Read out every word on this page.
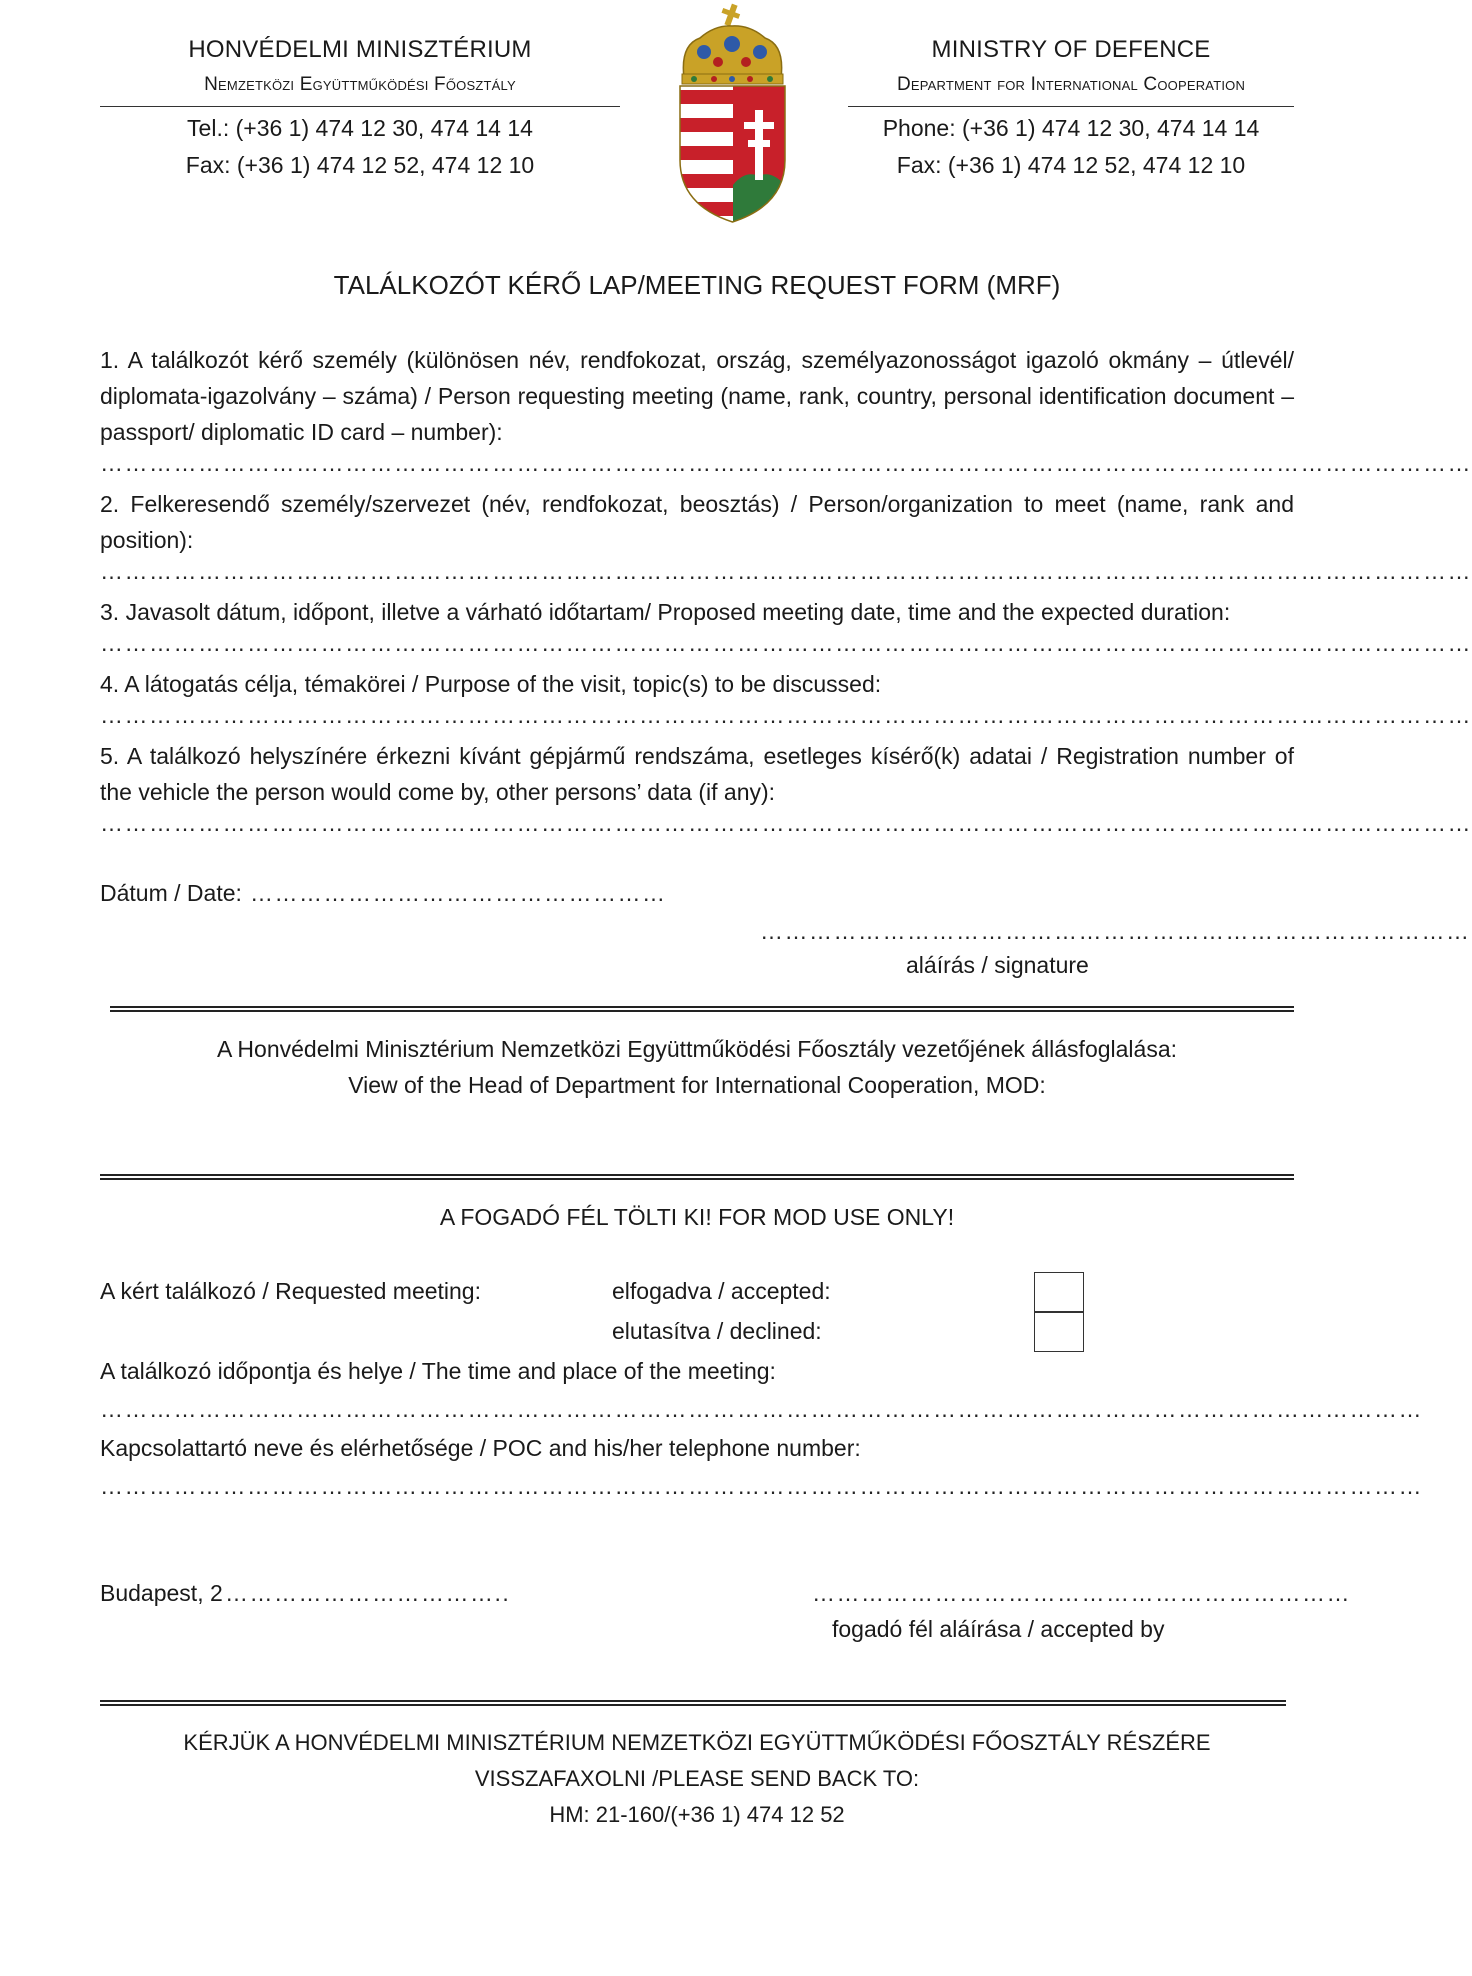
HONVÉDELMI MINISZTÉRIUM
Nemzetközi Együttműködési Főosztály
Tel.: (+36 1) 474 12 30, 474 14 14
Fax: (+36 1) 474 12 52, 474 12 10
MINISTRY OF DEFENCE
Department for International Cooperation
Phone: (+36 1) 474 12 30, 474 14 14
Fax: (+36 1) 474 12 52, 474 12 10
TALÁLKOZÓT KÉRŐ LAP/MEETING REQUEST FORM (MRF)
1. A találkozót kérő személy (különösen név, rendfokozat, ország, személyazonosságot igazoló okmány – útlevél/ diplomata-igazolvány – száma) / Person requesting meeting (name, rank, country, personal identification document – passport/ diplomatic ID card – number):
……………………………………………………………………………………………………………………………………………………
2. Felkeresendő személy/szervezet (név, rendfokozat, beosztás) / Person/organization to meet (name, rank and position):
……………………………………………………………………………………………………………………………………………………
3. Javasolt dátum, időpont, illetve a várható időtartam/ Proposed meeting date, time and the expected duration:
……………………………………………………………………………………………………………………………………………………
4. A látogatás célja, témakörei / Purpose of the visit, topic(s) to be discussed:
……………………………………………………………………………………………………………………………………………………
5. A találkozó helyszínére érkezni kívánt gépjármű rendszáma, esetleges kísérő(k) adatai / Registration number of the vehicle the person would come by, other persons’ data (if any):
……………………………………………………………………………………………………………………………………………………
Dátum / Date: ……………………………………………
……………………………………………………………………………
aláírás / signature
A Honvédelmi Minisztérium Nemzetközi Együttműködési Főosztály vezetőjének állásfoglalása:
View of the Head of Department for International Cooperation, MOD:
A FOGADÓ FÉL TÖLTI KI! FOR MOD USE ONLY!
A kért találkozó / Requested meeting:	elfogadva / accepted:
elutasítva / declined:
A találkozó időpontja és helye / The time and place of the meeting:
………………………………………………………………………………………………………………………………………………
Kapcsolattartó neve és elérhetősége / POC and his/her telephone number:
………………………………………………………………………………………………………………………………………………
Budapest, 2 ……………………………..	…………………………………………………………
fogadó fél aláírása / accepted by
KÉRJÜK A HONVÉDELMI MINISZTÉRIUM NEMZETKÖZI EGYÜTTMŰKÖDÉSI FŐOSZTÁLY RÉSZÉRE
VISSZAFAXOLNI /PLEASE SEND BACK TO:
HM: 21-160/(+36 1) 474 12 52
